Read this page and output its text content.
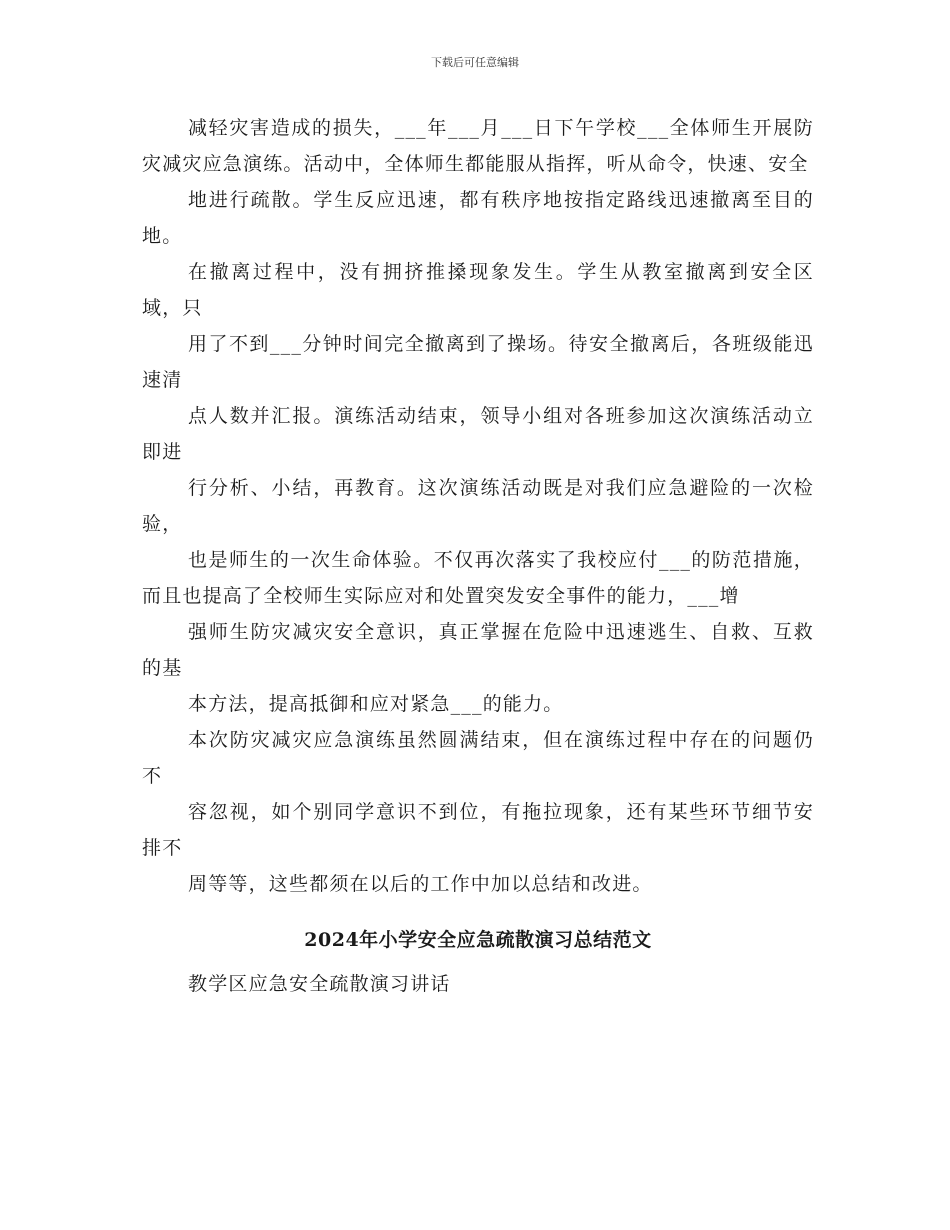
下载后可任意编辑

减轻灾害造成的损失，___年___月___日下午学校___全体师生开展防灾减灾应急演练。活动中，全体师生都能服从指挥，听从命令，快速、安全

地进行疏散。学生反应迅速，都有秩序地按指定路线迅速撤离至目的地。

在撤离过程中，没有拥挤推搡现象发生。学生从教室撤离到安全区域，只

用了不到___分钟时间完全撤离到了操场。待安全撤离后，各班级能迅速清

点人数并汇报。演练活动结束，领导小组对各班参加这次演练活动立即进

行分析、小结，再教育。这次演练活动既是对我们应急避险的一次检验，

也是师生的一次生命体验。不仅再次落实了我校应付___的防范措施，而且也提高了全校师生实际应对和处置突发安全事件的能力，___增

强师生防灾减灾安全意识，真正掌握在危险中迅速逃生、自救、互救的基

本方法，提高抵御和应对紧急___的能力。

本次防灾减灾应急演练虽然圆满结束，但在演练过程中存在的问题仍不

容忽视，如个别同学意识不到位，有拖拉现象，还有某些环节细节安排不

周等等，这些都须在以后的工作中加以总结和改进。

2024年小学安全应急疏散演习总结范文

教学区应急安全疏散演习讲话
